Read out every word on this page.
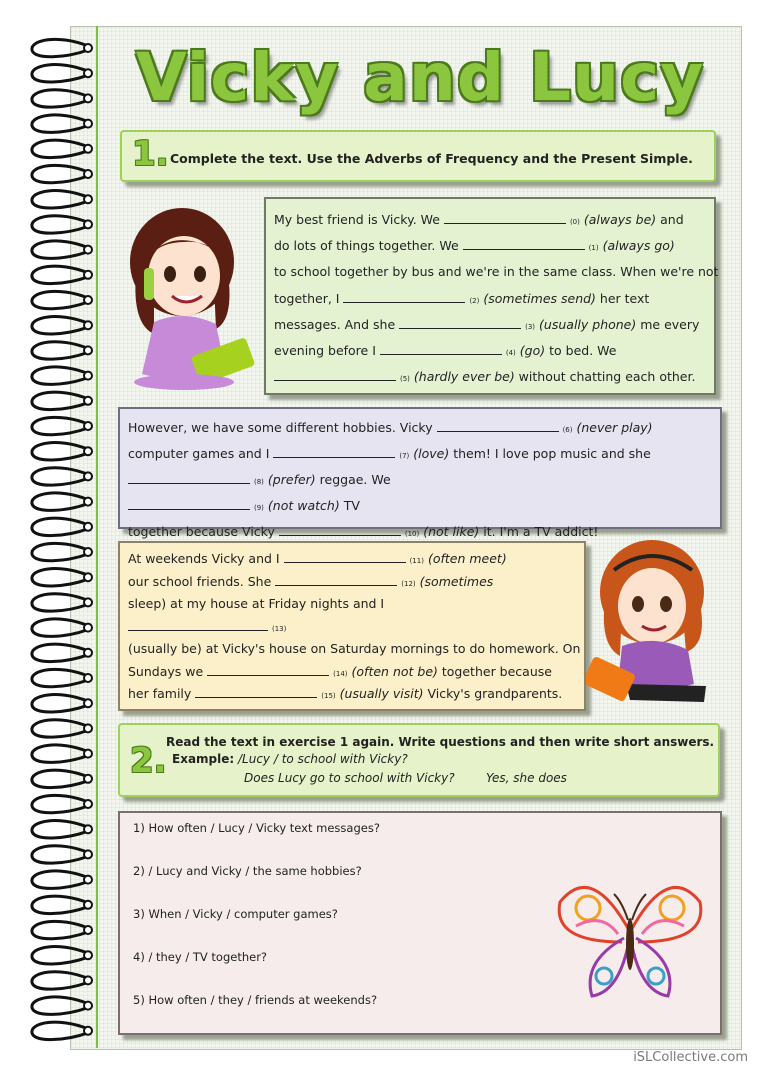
Vicky and Lucy
1. Complete the text. Use the Adverbs of Frequency and the Present Simple.
My best friend is Vicky. We	(0) (always be) and
do lots of things together. We	(1) (always go)
to school together by bus and we're in the same class. When we're not
together, I	(2) (sometimes send) her text
messages. And she	(3) (usually phone) me every
evening before I	(4) (go) to bed. We
(5) (hardly ever be) without chatting each other.
However, we have some different hobbies. Vicky	(6) (never play)
computer games and I	(7) (love) them! I love pop music and she
(8) (prefer) reggae. We
(9) (not watch) TV
together because Vicky	(10) (not like) it. I'm a TV addict!
At weekends Vicky and I	(11) (often meet)
our school friends. She	(12) (sometimes
sleep) at my house at Friday nights and I
(13)
(usually be) at Vicky's house on Saturday mornings to do homework. On
Sundays we	(14) (often not be) together because
her family	(15) (usually visit) Vicky's grandparents.
2. Read the text in exercise 1 again. Write questions and then write short answers.
Example: /Lucy / to school with Vicky?
Does Lucy go to school with Vicky?	Yes, she does
1) How often / Lucy / Vicky text messages?
2) / Lucy and Vicky / the same hobbies?
3) When / Vicky / computer games?
4) / they / TV together?
5) How often / they / friends at weekends?
iSLCollective.com
